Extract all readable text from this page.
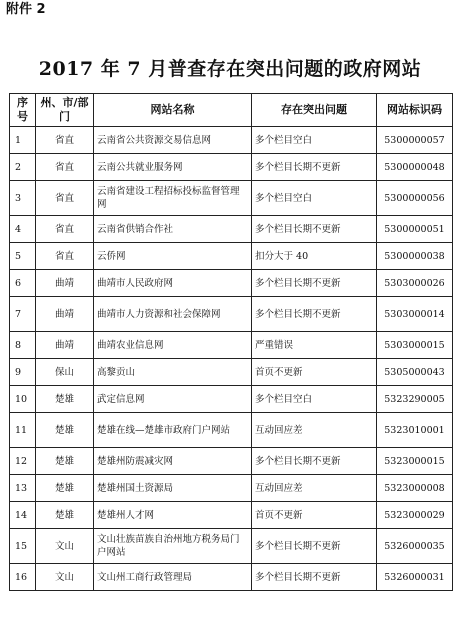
附件 2
2017 年 7 月普查存在突出问题的政府网站
序号	州、市/部门	网站名称	存在突出问题	网站标识码
1	省直	云南省公共资源交易信息网	多个栏目空白	5300000057
2	省直	云南公共就业服务网	多个栏目长期不更新	5300000048
3	省直	云南省建设工程招标投标监督管理网	多个栏目空白	5300000056
4	省直	云南省供销合作社	多个栏目长期不更新	5300000051
5	省直	云侨网	扣分大于 40	5300000038
6	曲靖	曲靖市人民政府网	多个栏目长期不更新	5303000026
7	曲靖	曲靖市人力资源和社会保障网	多个栏目长期不更新	5303000014
8	曲靖	曲靖农业信息网	严重错误	5303000015
9	保山	高黎贡山	首页不更新	5305000043
10	楚雄	武定信息网	多个栏目空白	5323290005
11	楚雄	楚雄在线—楚雄市政府门户网站	互动回应差	5323010001
12	楚雄	楚雄州防震减灾网	多个栏目长期不更新	5323000015
13	楚雄	楚雄州国土资源局	互动回应差	5323000008
14	楚雄	楚雄州人才网	首页不更新	5323000029
15	文山	文山壮族苗族自治州地方税务局门户网站	多个栏目长期不更新	5326000035
16	文山	文山州工商行政管理局	多个栏目长期不更新	5326000031
